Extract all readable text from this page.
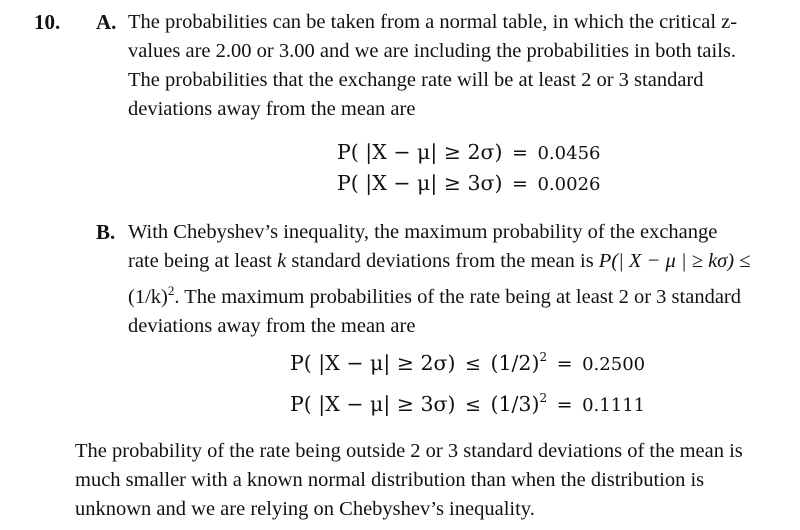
10. A. The probabilities can be taken from a normal table, in which the critical z-
values are 2.00 or 3.00 and we are including the probabilities in both tails.
The probabilities that the exchange rate will be at least 2 or 3 standard
deviations away from the mean are
P( |X − μ| ≥ 2σ) = 0.0456
P( |X − μ| ≥ 3σ) = 0.0026
B. With Chebyshev’s inequality, the maximum probability of the exchange
rate being at least k standard deviations from the mean is P(| X − μ | ≥ kσ) ≤
$(1/k)^2$. The maximum probabilities of the rate being at least 2 or 3 standard
deviations away from the mean are
P( $|X - \mu| \ge 2\sigma) \le (1/2)^2 = 0.2500$
P( $|X - \mu| \ge 3\sigma) \le (1/3)^2 = 0.1111$
The probability of the rate being outside 2 or 3 standard deviations of the mean is
much smaller with a known normal distribution than when the distribution is
unknown and we are relying on Chebyshev’s inequality.
